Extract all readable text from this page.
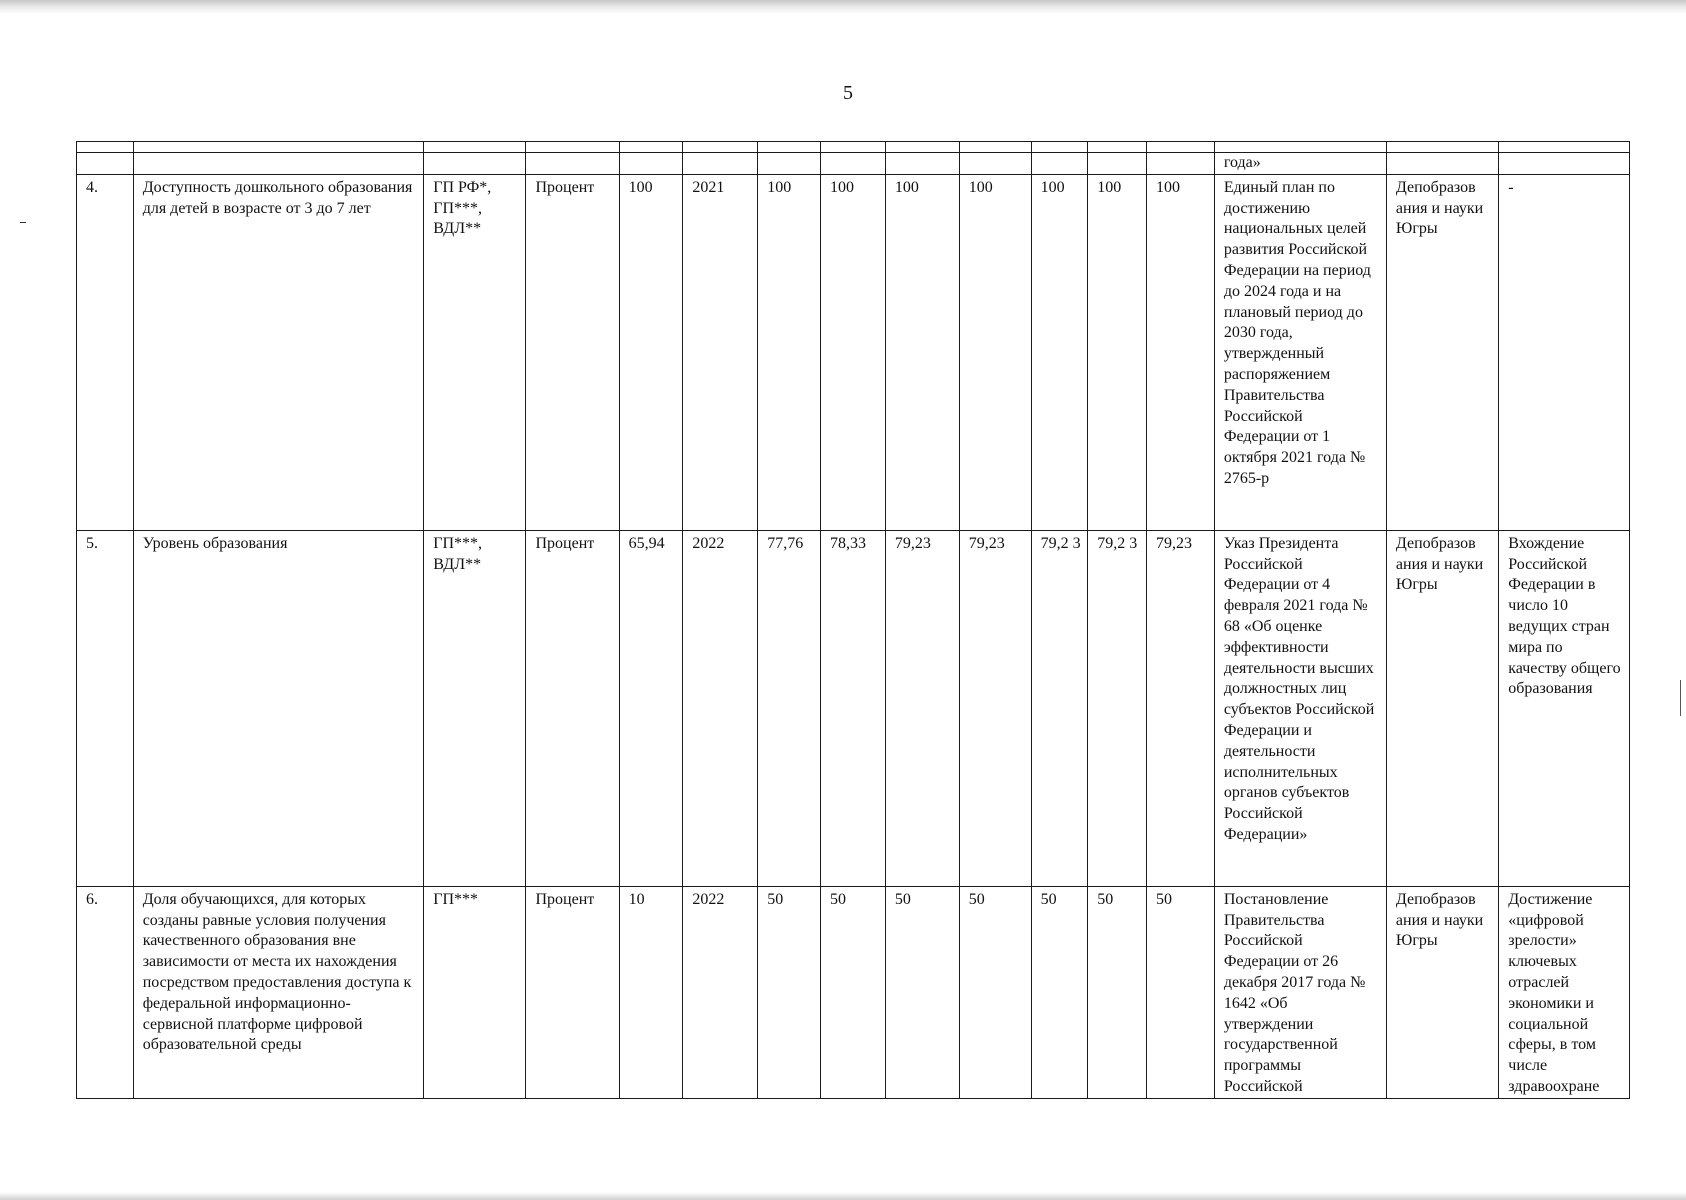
5

													года»		
4.	Доступность дошкольного образования для детей в возрасте от 3 до 7 лет	ГП РФ*, ГП***, ВДЛ**	Процент	100	2021	100	100	100	100	100	100	100	Единый план по достижению национальных целей развития Российской Федерации на период до 2024 года и на плановый период до 2030 года, утвержденный распоряжением Правительства Российской Федерации от 1 октября 2021 года № 2765-р	Депобразов ания и науки Югры	-
5.	Уровень образования	ГП***, ВДЛ**	Процент	65,94	2022	77,76	78,33	79,23	79,23	79,2 3	79,2 3	79,23	Указ Президента Российской Федерации от 4 февраля 2021 года № 68 «Об оценке эффективности деятельности высших должностных лиц субъектов Российской Федерации и деятельности исполнительных органов субъектов Российской Федерации»	Депобразов ания и науки Югры	Вхождение Российской Федерации в число 10 ведущих стран мира по качеству общего образования
6.	Доля обучающихся, для которых созданы равные условия получения качественного образования вне зависимости от места их нахождения посредством предоставления доступа к федеральной информационно-сервисной платформе цифровой образовательной среды	ГП***	Процент	10	2022	50	50	50	50	50	50	50	Постановление Правительства Российской Федерации от 26 декабря 2017 года № 1642 «Об утверждении государственной программы Российской	Депобразов ания и науки Югры	Достижение «цифровой зрелости» ключевых отраслей экономики и социальной сферы, в том числе здравоохране
